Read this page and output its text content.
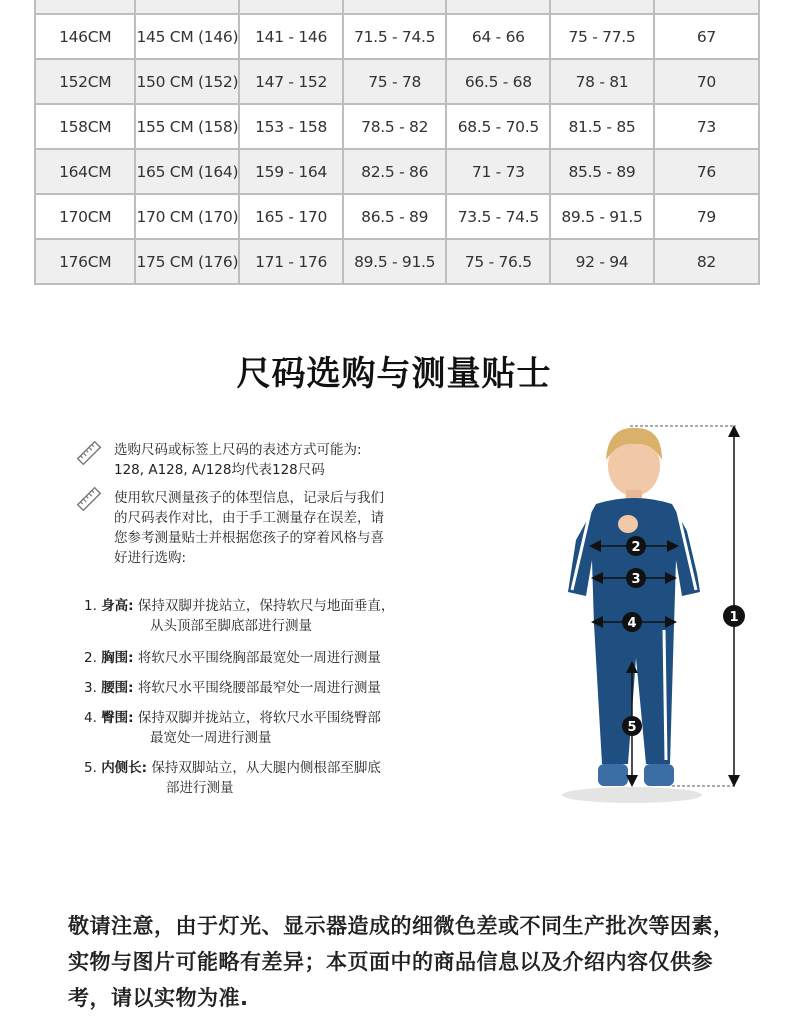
146CM	145 CM (146)	141 - 146	71.5 - 74.5	64 - 66	75 - 77.5	67
152CM	150 CM (152)	147 - 152	75 - 78	66.5 - 68	78 - 81	70
158CM	155 CM (158)	153 - 158	78.5 - 82	68.5 - 70.5	81.5 - 85	73
164CM	165 CM (164)	159 - 164	82.5 - 86	71 - 73	85.5 - 89	76
170CM	170 CM (170)	165 - 170	86.5 - 89	73.5 - 74.5	89.5 - 91.5	79
176CM	175 CM (176)	171 - 176	89.5 - 91.5	75 - 76.5	92 - 94	82
尺码选购与测量贴士
选购尺码或标签上尺码的表述方式可能为:
128, A128, A/128均代表128尺码
使用软尺测量孩子的体型信息，记录后与我们
的尺码表作对比，由于手工测量存在误差，请
您参考测量贴士并根据您孩子的穿着风格与喜
好进行选购:
1. 身高: 保持双脚并拢站立，保持软尺与地面垂直，
从头顶部至脚底部进行测量
2. 胸围: 将软尺水平围绕胸部最宽处一周进行测量
3. 腰围: 将软尺水平围绕腰部最窄处一周进行测量
4. 臀围: 保持双脚并拢站立，将软尺水平围绕臀部
最宽处一周进行测量
5. 内侧长: 保持双脚站立，从大腿内侧根部至脚底
部进行测量
1
2
3
4
5
敬请注意，由于灯光、显示器造成的细微色差或不同生产批次等因素，实物与图片可能略有差异；本页面中的商品信息以及介绍内容仅供参考，请以实物为准.
